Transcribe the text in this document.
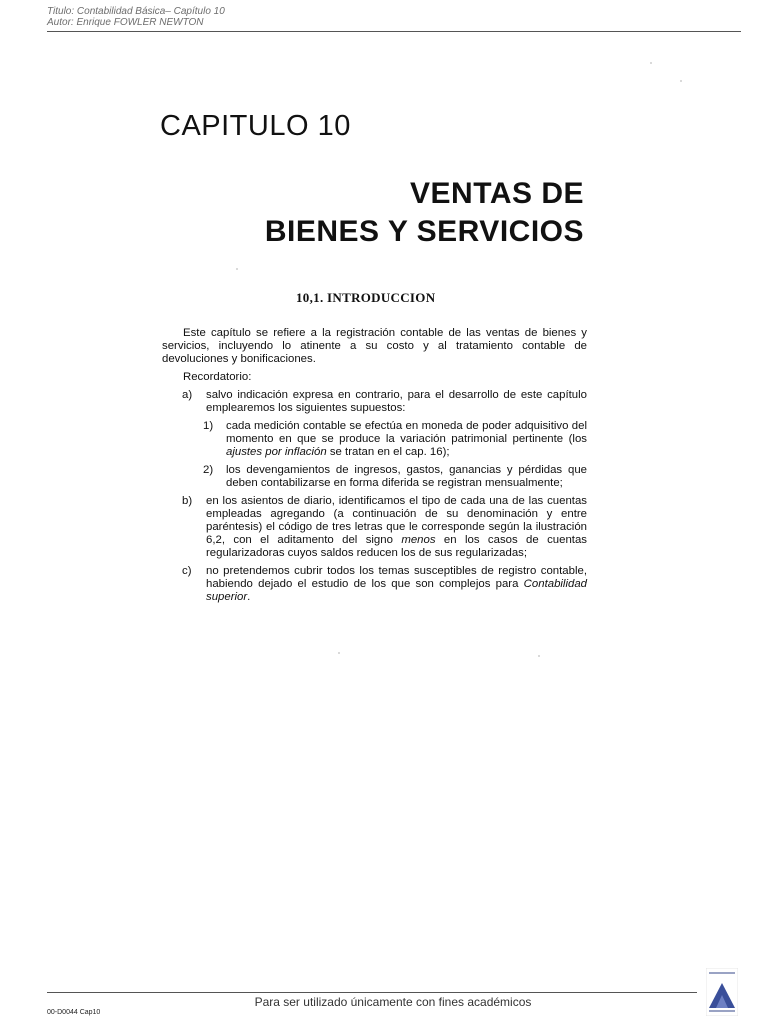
Titulo: Contabilidad Básica– Capítulo 10
Autor: Enrique FOWLER NEWTON
CAPITULO 10
VENTAS DE
BIENES Y SERVICIOS
10,1. INTRODUCCION

Este capítulo se refiere a la registración contable de las ventas de bienes y servicios, incluyendo lo atinente a su costo y al tratamiento contable de devoluciones y bonificaciones.

Recordatorio:

a) salvo indicación expresa en contrario, para el desarrollo de este capítulo emplearemos los siguientes supuestos:
1) cada medición contable se efectúa en moneda de poder adquisitivo del momento en que se produce la variación patrimonial pertinente (los ajustes por inflación se tratan en el cap. 16);
2) los devengamientos de ingresos, gastos, ganancias y pérdidas que deben contabilizarse en forma diferida se registran mensualmente;
b) en los asientos de diario, identificamos el tipo de cada una de las cuentas empleadas agregando (a continuación de su denominación y entre paréntesis) el código de tres letras que le corresponde según la ilustración 6,2, con el aditamento del signo menos en los casos de cuentas regularizadoras cuyos saldos reducen los de sus regularizadas;
c) no pretendemos cubrir todos los temas susceptibles de registro contable, habiendo dejado el estudio de los que son complejos para Contabilidad superior.
Para ser utilizado únicamente con fines académicos
00-D0044 Cap10
